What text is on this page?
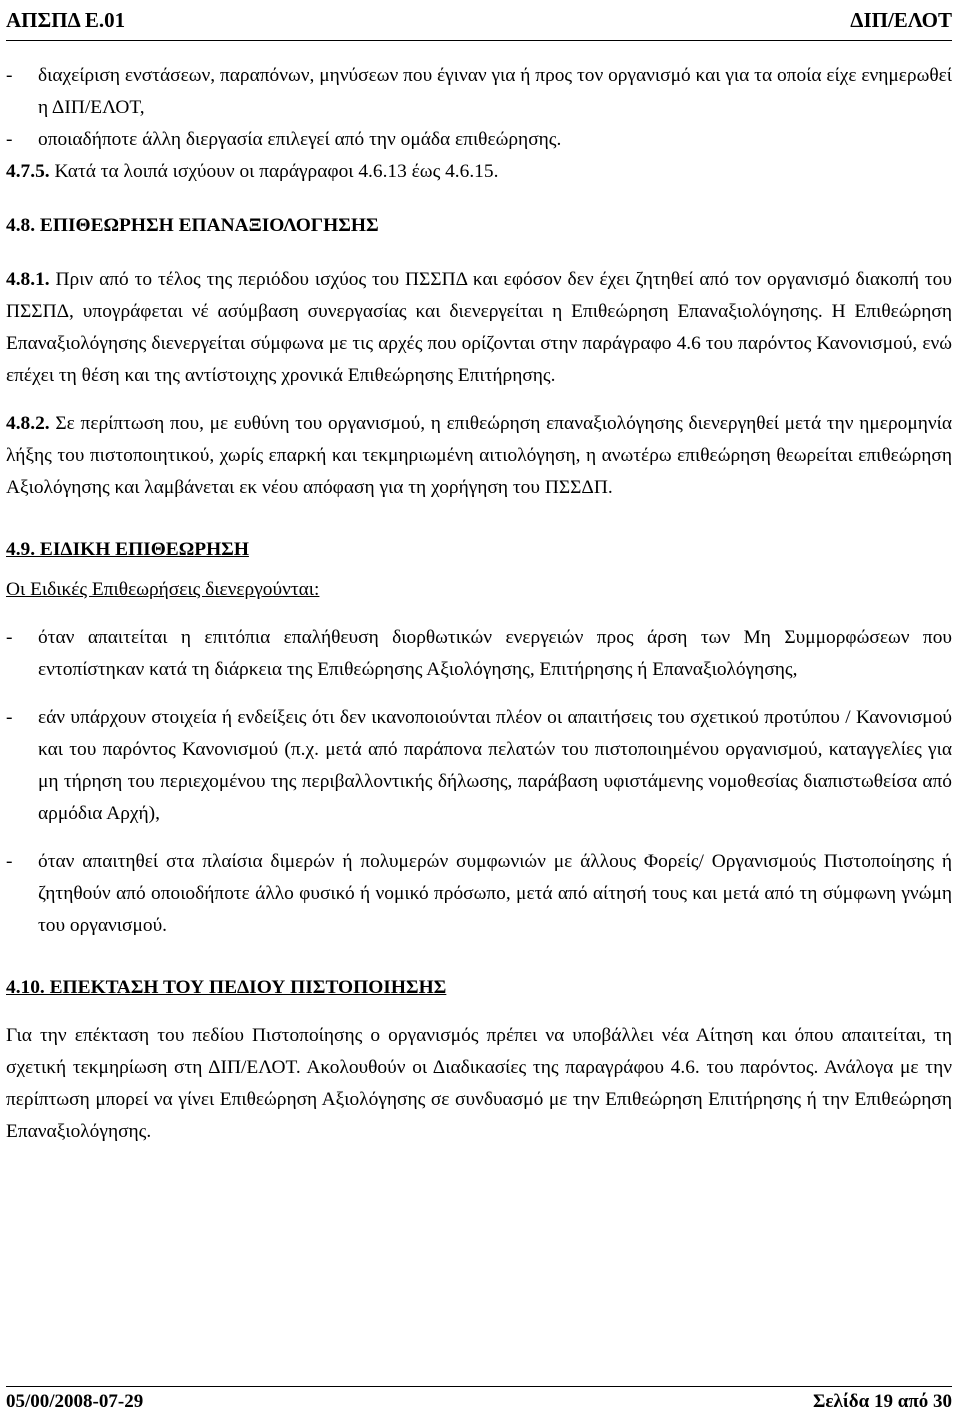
ΑΠΣΠΔ Ε.01	ΔΙΠ/ΕΛΟΤ
-	διαχείριση ενστάσεων, παραπόνων, μηνύσεων που έγιναν για ή προς τον οργανισμό και για τα οποία είχε ενημερωθεί η ΔΙΠ/ΕΛΟΤ,
-	οποιαδήποτε άλλη διεργασία επιλεγεί από την ομάδα επιθεώρησης.

4.7.5. Κατά τα λοιπά ισχύουν οι παράγραφοι 4.6.13 έως 4.6.15.

4.8. ΕΠΙΘΕΩΡΗΣΗ ΕΠΑΝΑΞΙΟΛΟΓΗΣΗΣ

4.8.1. Πριν από το τέλος της περιόδου ισχύος του ΠΣΣΠΔ και εφόσον δεν έχει ζητηθεί από τον οργανισμό διακοπή του ΠΣΣΠΔ, υπογράφεται νέ ασύμβαση συνεργασίας και διενεργείται η Επιθεώρηση Επαναξιολόγησης. Η Επιθεώρηση Επαναξιολόγησης διενεργείται σύμφωνα με τις αρχές που ορίζονται στην παράγραφο 4.6 του παρόντος Κανονισμού, ενώ επέχει τη θέση και της αντίστοιχης χρονικά Επιθεώρησης Επιτήρησης.

4.8.2. Σε περίπτωση που, με ευθύνη του οργανισμού, η επιθεώρηση επαναξιολόγησης διενεργηθεί μετά την ημερομηνία λήξης του πιστοποιητικού, χωρίς επαρκή και τεκμηριωμένη αιτιολόγηση, η ανωτέρω επιθεώρηση θεωρείται επιθεώρηση Αξιολόγησης και λαμβάνεται εκ νέου απόφαση για τη χορήγηση του ΠΣΣΔΠ.

4.9. ΕΙΔΙΚΗ ΕΠΙΘΕΩΡΗΣΗ

Οι Ειδικές Επιθεωρήσεις διενεργούνται:

-	όταν απαιτείται η επιτόπια επαλήθευση διορθωτικών ενεργειών προς άρση των Μη Συμμορφώσεων που εντοπίστηκαν κατά τη διάρκεια της Επιθεώρησης Αξιολόγησης, Επιτήρησης ή Επαναξιολόγησης,
-	εάν υπάρχουν στοιχεία ή ενδείξεις ότι δεν ικανοποιούνται πλέον οι απαιτήσεις του σχετικού προτύπου / Κανονισμού και του παρόντος Κανονισμού (π.χ. μετά από παράπονα πελατών του πιστοποιημένου οργανισμού, καταγγελίες για μη τήρηση του περιεχομένου της περιβαλλοντικής δήλωσης, παράβαση υφιστάμενης νομοθεσίας διαπιστωθείσα από αρμόδια Αρχή),
-	όταν απαιτηθεί στα πλαίσια διμερών ή πολυμερών συμφωνιών με άλλους Φορείς/ Οργανισμούς Πιστοποίησης ή ζητηθούν από οποιοδήποτε άλλο φυσικό ή νομικό πρόσωπο, μετά από αίτησή τους και μετά από τη σύμφωνη γνώμη του οργανισμού.

4.10. ΕΠΕΚΤΑΣΗ ΤΟΥ ΠΕΔΙΟΥ ΠΙΣΤΟΠΟΙΗΣΗΣ

Για την επέκταση του πεδίου Πιστοποίησης ο οργανισμός πρέπει να υποβάλλει νέα Αίτηση και όπου απαιτείται, τη σχετική τεκμηρίωση στη ΔΙΠ/ΕΛΟΤ. Ακολουθούν οι Διαδικασίες της παραγράφου 4.6. του παρόντος. Ανάλογα με την περίπτωση μπορεί να γίνει Επιθεώρηση Αξιολόγησης σε συνδυασμό με την Επιθεώρηση Επιτήρησης ή την Επιθεώρηση Επαναξιολόγησης.

05/00/2008-07-29	Σελίδα 19 από 30
